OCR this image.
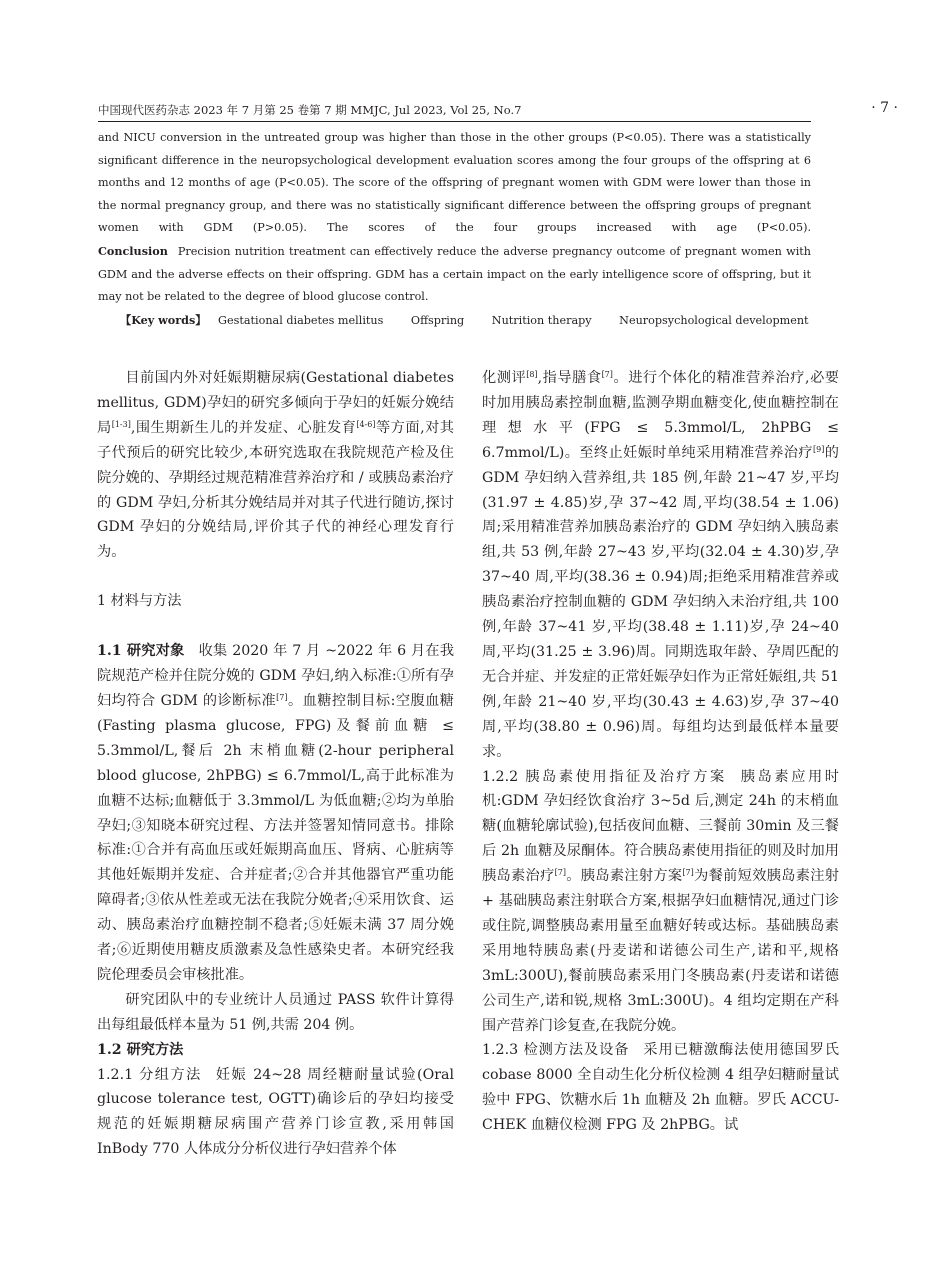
中国现代医药杂志 2023 年 7 月第 25 卷第 7 期 MMJC, Jul 2023, Vol 25, No.7	· 7 ·

and NICU conversion in the untreated group was higher than those in the other groups (P<0.05). There was a statistically significant difference in the neuropsychological development evaluation scores among the four groups of the offspring at 6 months and 12 months of age (P<0.05). The score of the offspring of pregnant women with GDM were lower than those in the normal pregnancy group, and there was no statistically significant difference between the offspring groups of pregnant women with GDM (P>0.05). The scores of the four groups increased with age (P<0.05).

Conclusion Precision nutrition treatment can effectively reduce the adverse pregnancy outcome of pregnant women with GDM and the adverse effects on their offspring. GDM has a certain impact on the early intelligence score of offspring, but it may not be related to the degree of blood glucose control.

【Key words】 Gestational diabetes mellitus Offspring Nutrition therapy Neuropsychological development

目前国内外对妊娠期糖尿病(Gestational diabetes mellitus, GDM)孕妇的研究多倾向于孕妇的妊娠分娩结局[1-3],围生期新生儿的并发症、心脏发育[4-6]等方面,对其子代预后的研究比较少,本研究选取在我院规范产检及住院分娩的、孕期经过规范精准营养治疗和 / 或胰岛素治疗的 GDM 孕妇,分析其分娩结局并对其子代进行随访,探讨 GDM 孕妇的分娩结局,评价其子代的神经心理发育行为。

1 材料与方法

1.1 研究对象 收集 2020 年 7 月 ~2022 年 6 月在我院规范产检并住院分娩的 GDM 孕妇,纳入标准:①所有孕妇均符合 GDM 的诊断标准[7]。血糖控制目标:空腹血糖(Fasting plasma glucose, FPG)及餐前血糖 ≤ 5.3mmol/L,餐后 2h 末梢血糖(2-hour peripheral blood glucose, 2hPBG) ≤ 6.7mmol/L,高于此标准为血糖不达标;血糖低于 3.3mmol/L 为低血糖;②均为单胎孕妇;③知晓本研究过程、方法并签署知情同意书。排除标准:①合并有高血压或妊娠期高血压、肾病、心脏病等其他妊娠期并发症、合并症者;②合并其他器官严重功能障碍者;③依从性差或无法在我院分娩者;④采用饮食、运动、胰岛素治疗血糖控制不稳者;⑤妊娠未满 37 周分娩者;⑥近期使用糖皮质激素及急性感染史者。本研究经我院伦理委员会审核批准。

研究团队中的专业统计人员通过 PASS 软件计算得出每组最低样本量为 51 例,共需 204 例。

1.2 研究方法

1.2.1 分组方法 妊娠 24~28 周经糖耐量试验(Oral glucose tolerance test, OGTT)确诊后的孕妇均接受规范的妊娠期糖尿病围产营养门诊宣教,采用韩国 InBody 770 人体成分分析仪进行孕妇营养个体

化测评[8],指导膳食[7]。进行个体化的精准营养治疗,必要时加用胰岛素控制血糖,监测孕期血糖变化,使血糖控制在理想水平(FPG ≤ 5.3mmol/L, 2hPBG ≤ 6.7mmol/L)。至终止妊娠时单纯采用精准营养治疗[9]的 GDM 孕妇纳入营养组,共 185 例,年龄 21~47 岁,平均(31.97 ± 4.85)岁,孕 37~42 周,平均(38.54 ± 1.06)周;采用精准营养加胰岛素治疗的 GDM 孕妇纳入胰岛素组,共 53 例,年龄 27~43 岁,平均(32.04 ± 4.30)岁,孕 37~40 周,平均(38.36 ± 0.94)周;拒绝采用精准营养或胰岛素治疗控制血糖的 GDM 孕妇纳入未治疗组,共 100 例,年龄 37~41 岁,平均(38.48 ± 1.11)岁,孕 24~40 周,平均(31.25 ± 3.96)周。同期选取年龄、孕周匹配的无合并症、并发症的正常妊娠孕妇作为正常妊娠组,共 51 例,年龄 21~40 岁,平均(30.43 ± 4.63)岁,孕 37~40 周,平均(38.80 ± 0.96)周。每组均达到最低样本量要求。

1.2.2 胰岛素使用指征及治疗方案 胰岛素应用时机:GDM 孕妇经饮食治疗 3~5d 后,测定 24h 的末梢血糖(血糖轮廓试验),包括夜间血糖、三餐前 30min 及三餐后 2h 血糖及尿酮体。符合胰岛素使用指征的则及时加用胰岛素治疗[7]。胰岛素注射方案[7]为餐前短效胰岛素注射 + 基础胰岛素注射联合方案,根据孕妇血糖情况,通过门诊或住院,调整胰岛素用量至血糖好转或达标。基础胰岛素采用地特胰岛素(丹麦诺和诺德公司生产,诺和平,规格 3mL:300U),餐前胰岛素采用门冬胰岛素(丹麦诺和诺德公司生产,诺和锐,规格 3mL:300U)。4 组均定期在产科围产营养门诊复查,在我院分娩。

1.2.3 检测方法及设备 采用已糖激酶法使用德国罗氏 cobase 8000 全自动生化分析仪检测 4 组孕妇糖耐量试验中 FPG、饮糖水后 1h 血糖及 2h 血糖。罗氏 ACCU-CHEK 血糖仪检测 FPG 及 2hPBG。试
